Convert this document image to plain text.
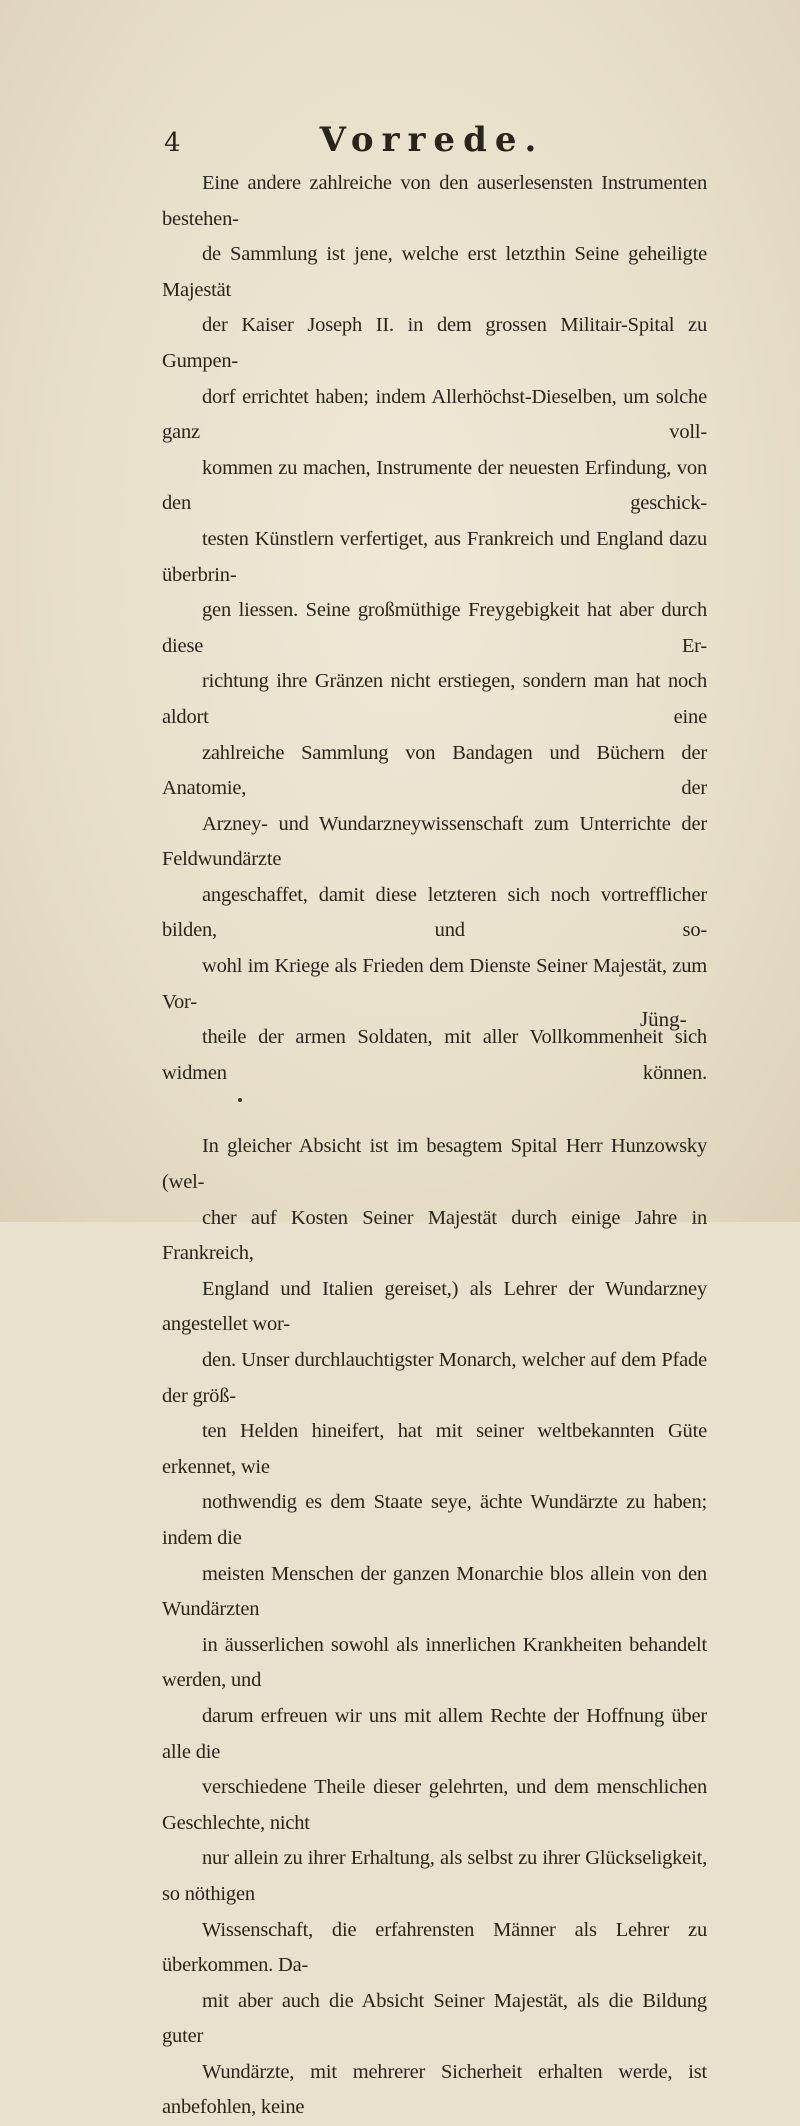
4	Vorrede.

Eine andere zahlreiche von den auserlesensten Instrumenten bestehen-
de Sammlung ist jene, welche erst letzthin Seine geheiligte Majestät
der Kaiser Joseph II. in dem grossen Militair-Spital zu Gumpen-
dorf errichtet haben; indem Allerhöchst-Dieselben, um solche ganz voll-
kommen zu machen, Instrumente der neuesten Erfindung, von den geschick-
testen Künstlern verfertiget, aus Frankreich und England dazu überbrin-
gen liessen. Seine großmüthige Freygebigkeit hat aber durch diese Er-
richtung ihre Gränzen nicht erstiegen, sondern man hat noch aldort eine
zahlreiche Sammlung von Bandagen und Büchern der Anatomie, der
Arzney- und Wundarzneywissenschaft zum Unterrichte der Feldwundärzte
angeschaffet, damit diese letzteren sich noch vortrefflicher bilden, und so-
wohl im Kriege als Frieden dem Dienste Seiner Majestät, zum Vor-
theile der armen Soldaten, mit aller Vollkommenheit sich widmen können.

In gleicher Absicht ist im besagtem Spital Herr Hunzowsky (wel-
cher auf Kosten Seiner Majestät durch einige Jahre in Frankreich,
England und Italien gereiset,) als Lehrer der Wundarzney angestellet wor-
den. Unser durchlauchtigster Monarch, welcher auf dem Pfade der größ-
ten Helden hineifert, hat mit seiner weltbekannten Güte erkennet, wie
nothwendig es dem Staate seye, ächte Wundärzte zu haben; indem die
meisten Menschen der ganzen Monarchie blos allein von den Wundärzten
in äusserlichen sowohl als innerlichen Krankheiten behandelt werden, und
darum erfreuen wir uns mit allem Rechte der Hoffnung über alle die
verschiedene Theile dieser gelehrten, und dem menschlichen Geschlechte, nicht
nur allein zu ihrer Erhaltung, als selbst zu ihrer Glückseligkeit, so nöthigen
Wissenschaft, die erfahrensten Männer als Lehrer zu überkommen. Da-
mit aber auch die Absicht Seiner Majestät, als die Bildung guter
Wundärzte, mit mehrerer Sicherheit erhalten werde, ist anbefohlen, keine

Jüng-
